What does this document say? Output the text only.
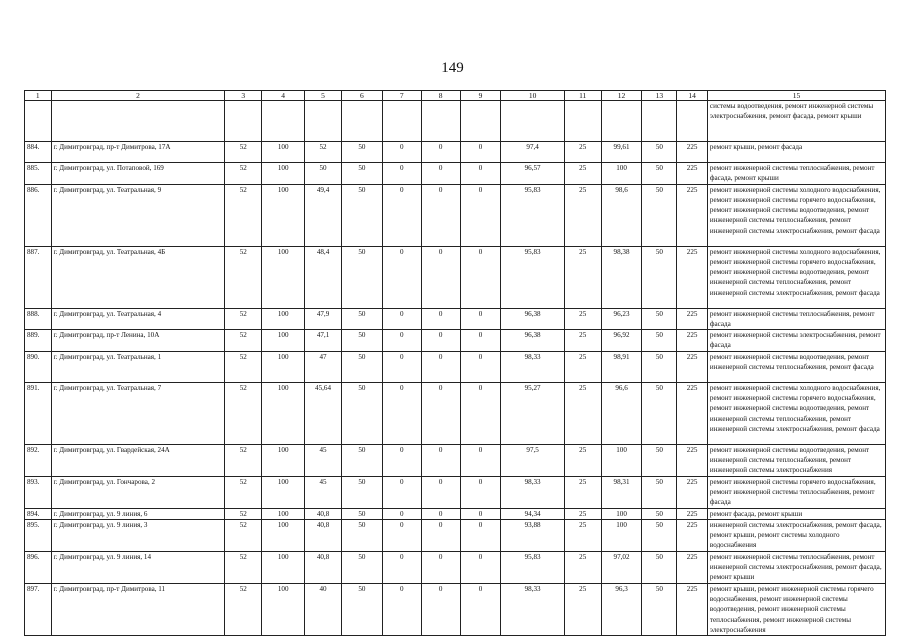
149
1	2	3	4	5	6	7	8	9	10	11	12	13	14	15
														системы водоотведения, ремонт инженерной системы электроснабжения, ремонт фасада, ремонт крыши
884.	г. Димитровград, пр-т Димитрова, 17А	52	100	52	50	0	0	0	97,4	25	99,61	50	225	ремонт крыши, ремонт фасада
885.	г. Димитровград, ул. Потаповой, 169	52	100	50	50	0	0	0	96,57	25	100	50	225	ремонт инженерной системы теплоснабжения, ремонт фасада, ремонт крыши
886.	г. Димитровград, ул. Театральная, 9	52	100	49,4	50	0	0	0	95,83	25	98,6	50	225	ремонт инженерной системы холодного водоснабжения, ремонт инженерной системы горячего водоснабжения, ремонт инженерной системы водоотведения, ремонт инженерной системы теплоснабжения, ремонт инженерной системы электроснабжения, ремонт фасада
887.	г. Димитровград, ул. Театральная, 4Б	52	100	48,4	50	0	0	0	95,83	25	98,38	50	225	ремонт инженерной системы холодного водоснабжения, ремонт инженерной системы горячего водоснабжения, ремонт инженерной системы водоотведения, ремонт инженерной системы теплоснабжения, ремонт инженерной системы электроснабжения, ремонт фасада
888.	г. Димитровград, ул. Театральная, 4	52	100	47,9	50	0	0	0	96,38	25	96,23	50	225	ремонт инженерной системы теплоснабжения, ремонт фасада
889.	г. Димитровград, пр-т Ленина, 10А	52	100	47,1	50	0	0	0	96,38	25	96,92	50	225	ремонт инженерной системы электроснабжения, ремонт фасада
890.	г. Димитровград, ул. Театральная, 1	52	100	47	50	0	0	0	98,33	25	98,91	50	225	ремонт инженерной системы водоотведения, ремонт инженерной системы теплоснабжения, ремонт фасада
891.	г. Димитровград, ул. Театральная, 7	52	100	45,64	50	0	0	0	95,27	25	96,6	50	225	ремонт инженерной системы холодного водоснабжения, ремонт инженерной системы горячего водоснабжения, ремонт инженерной системы водоотведения, ремонт инженерной системы теплоснабжения, ремонт инженерной системы электроснабжения, ремонт фасада
892.	г. Димитровград, ул. Гвардейская, 24А	52	100	45	50	0	0	0	97,5	25	100	50	225	ремонт инженерной системы водоотведения, ремонт инженерной системы теплоснабжения, ремонт инженерной системы электроснабжения
893.	г. Димитровград, ул. Гончарова, 2	52	100	45	50	0	0	0	98,33	25	98,31	50	225	ремонт инженерной системы горячего водоснабжения, ремонт инженерной системы теплоснабжения, ремонт фасада
894.	г. Димитровград, ул. 9 линия, 6	52	100	40,8	50	0	0	0	94,34	25	100	50	225	ремонт фасада, ремонт крыши
895.	г. Димитровград, ул. 9 линия, 3	52	100	40,8	50	0	0	0	93,88	25	100	50	225	инженерной системы электроснабжения, ремонт фасада, ремонт крыши, ремонт системы холодного водоснабжения
896.	г. Димитровград, ул. 9 линия, 14	52	100	40,8	50	0	0	0	95,83	25	97,02	50	225	ремонт инженерной системы теплоснабжения, ремонт инженерной системы электроснабжения, ремонт фасада, ремонт крыши
897.	г. Димитровград, пр-т Димитрова, 11	52	100	40	50	0	0	0	98,33	25	96,3	50	225	ремонт крыши, ремонт инженерной системы горячего водоснабжения, ремонт инженерной системы водоотведения, ремонт инженерной системы теплоснабжения, ремонт инженерной системы электроснабжения
